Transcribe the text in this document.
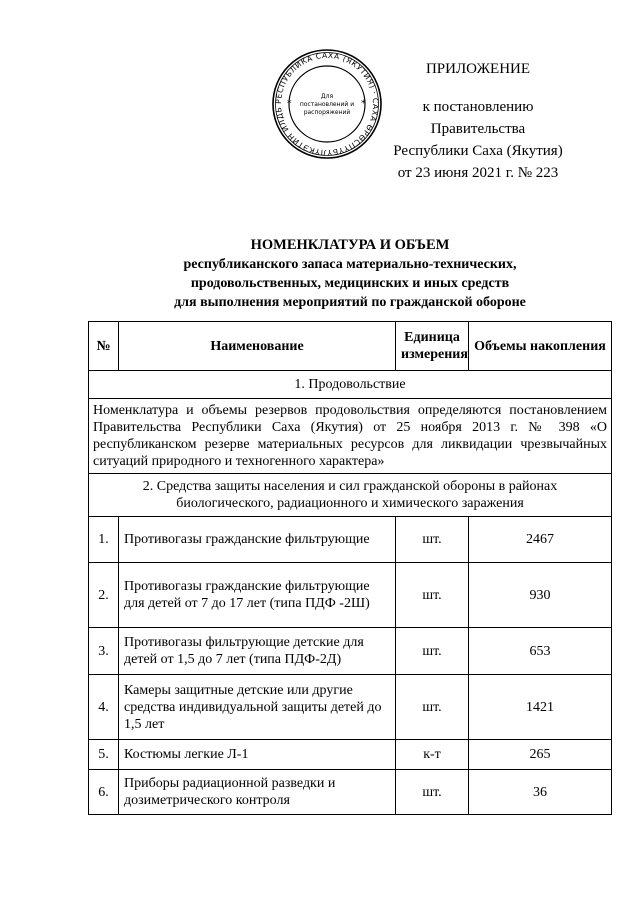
РЕСПУБЛИКА САХА (ЯКУТИЯ) · САХА ӨРӨСПҮҮБҮЛҮКЭТИН ИЛДЬ
Для
постановлений и
распоряжений
*	*
ПРИЛОЖЕНИЕ
к постановлению Правительства
Республики Саха (Якутия)
от 23 июня 2021 г. № 223
НОМЕНКЛАТУРА И ОБЪЕМ
республиканского запаса материально-технических,
продовольственных, медицинских и иных средств
для выполнения мероприятий по гражданской обороне
№	Наименование	Единица измерения	Объемы накопления
1. Продовольствие			
Номенклатура и объемы резервов продовольствия определяются постановлением Правительства Республики Саха (Якутия) от 25 ноября 2013 г. № 398 «О республиканском резерве материальных ресурсов для ликвидации чрезвычайных ситуаций природного и техногенного характера»			
2. Средства защиты населения и сил гражданской обороны в районах биологического, радиационного и химического заражения			
1.	Противогазы гражданские фильтрующие	шт.	2467
2.	Противогазы гражданские фильтрующие для детей от 7 до 17 лет (типа ПДФ -2Ш)	шт.	930
3.	Противогазы фильтрующие детские для детей от 1,5 до 7 лет (типа ПДФ-2Д)	шт.	653
4.	Камеры защитные детские или другие средства индивидуальной защиты детей до 1,5 лет	шт.	1421
5.	Костюмы легкие Л-1	к-т	265
6.	Приборы радиационной разведки и дозиметрического контроля	шт.	36
